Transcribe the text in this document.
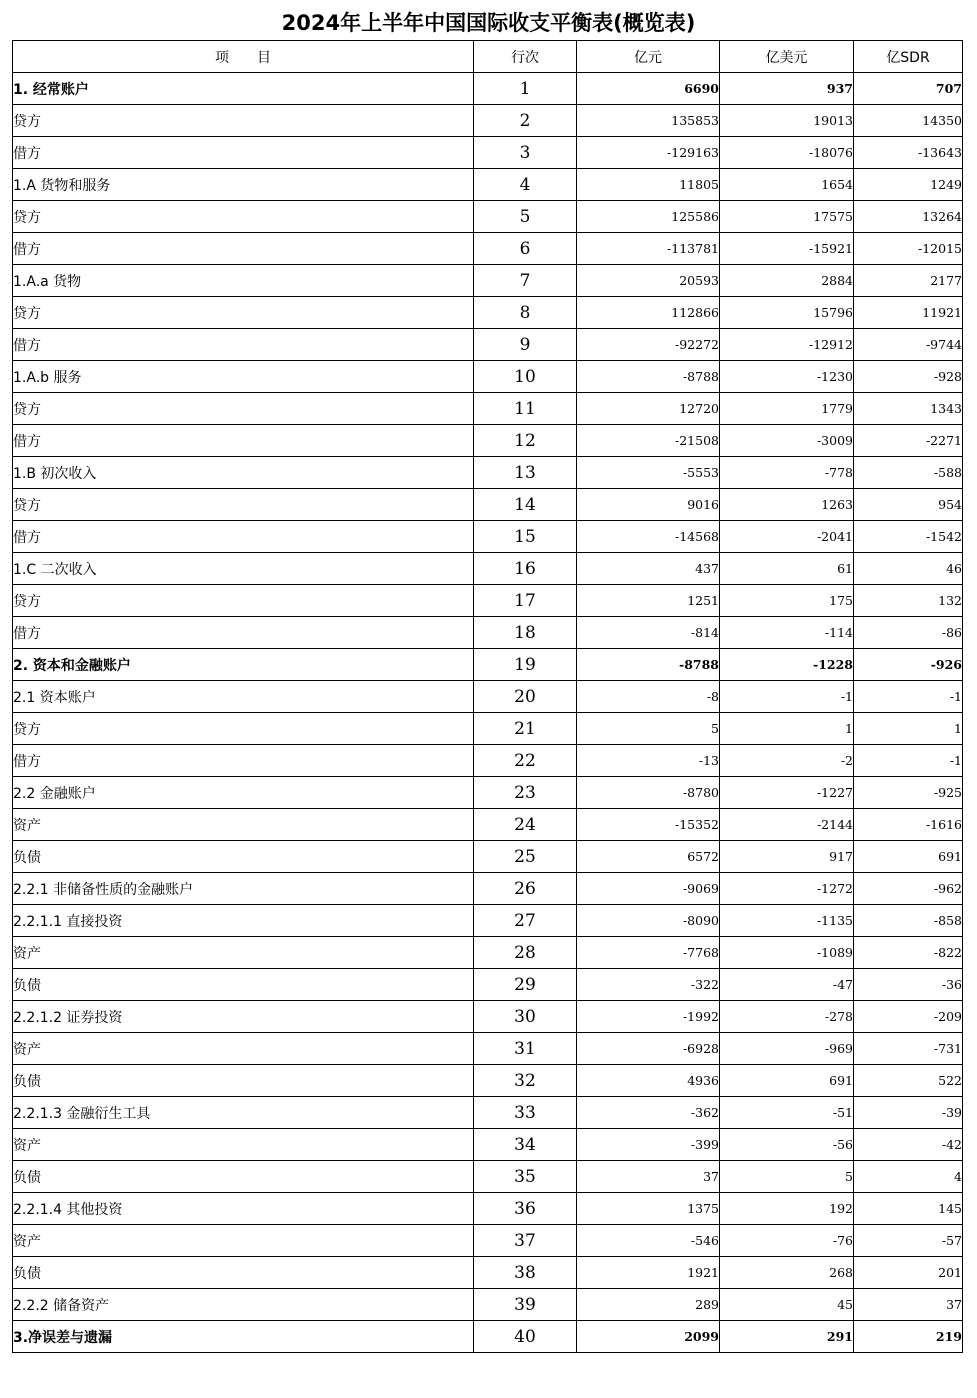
2024年上半年中国国际收支平衡表(概览表)
项　　目	行次	亿元	亿美元	亿SDR
1. 经常账户	1	6690	937	707
贷方	2	135853	19013	14350
借方	3	-129163	-18076	-13643
1.A 货物和服务	4	11805	1654	1249
贷方	5	125586	17575	13264
借方	6	-113781	-15921	-12015
1.A.a 货物	7	20593	2884	2177
贷方	8	112866	15796	11921
借方	9	-92272	-12912	-9744
1.A.b 服务	10	-8788	-1230	-928
贷方	11	12720	1779	1343
借方	12	-21508	-3009	-2271
1.B 初次收入	13	-5553	-778	-588
贷方	14	9016	1263	954
借方	15	-14568	-2041	-1542
1.C 二次收入	16	437	61	46
贷方	17	1251	175	132
借方	18	-814	-114	-86
2. 资本和金融账户	19	-8788	-1228	-926
2.1 资本账户	20	-8	-1	-1
贷方	21	5	1	1
借方	22	-13	-2	-1
2.2 金融账户	23	-8780	-1227	-925
资产	24	-15352	-2144	-1616
负债	25	6572	917	691
2.2.1 非储备性质的金融账户	26	-9069	-1272	-962
2.2.1.1 直接投资	27	-8090	-1135	-858
资产	28	-7768	-1089	-822
负债	29	-322	-47	-36
2.2.1.2 证券投资	30	-1992	-278	-209
资产	31	-6928	-969	-731
负债	32	4936	691	522
2.2.1.3 金融衍生工具	33	-362	-51	-39
资产	34	-399	-56	-42
负债	35	37	5	4
2.2.1.4 其他投资	36	1375	192	145
资产	37	-546	-76	-57
负债	38	1921	268	201
2.2.2 储备资产	39	289	45	37
3.净误差与遗漏	40	2099	291	219
